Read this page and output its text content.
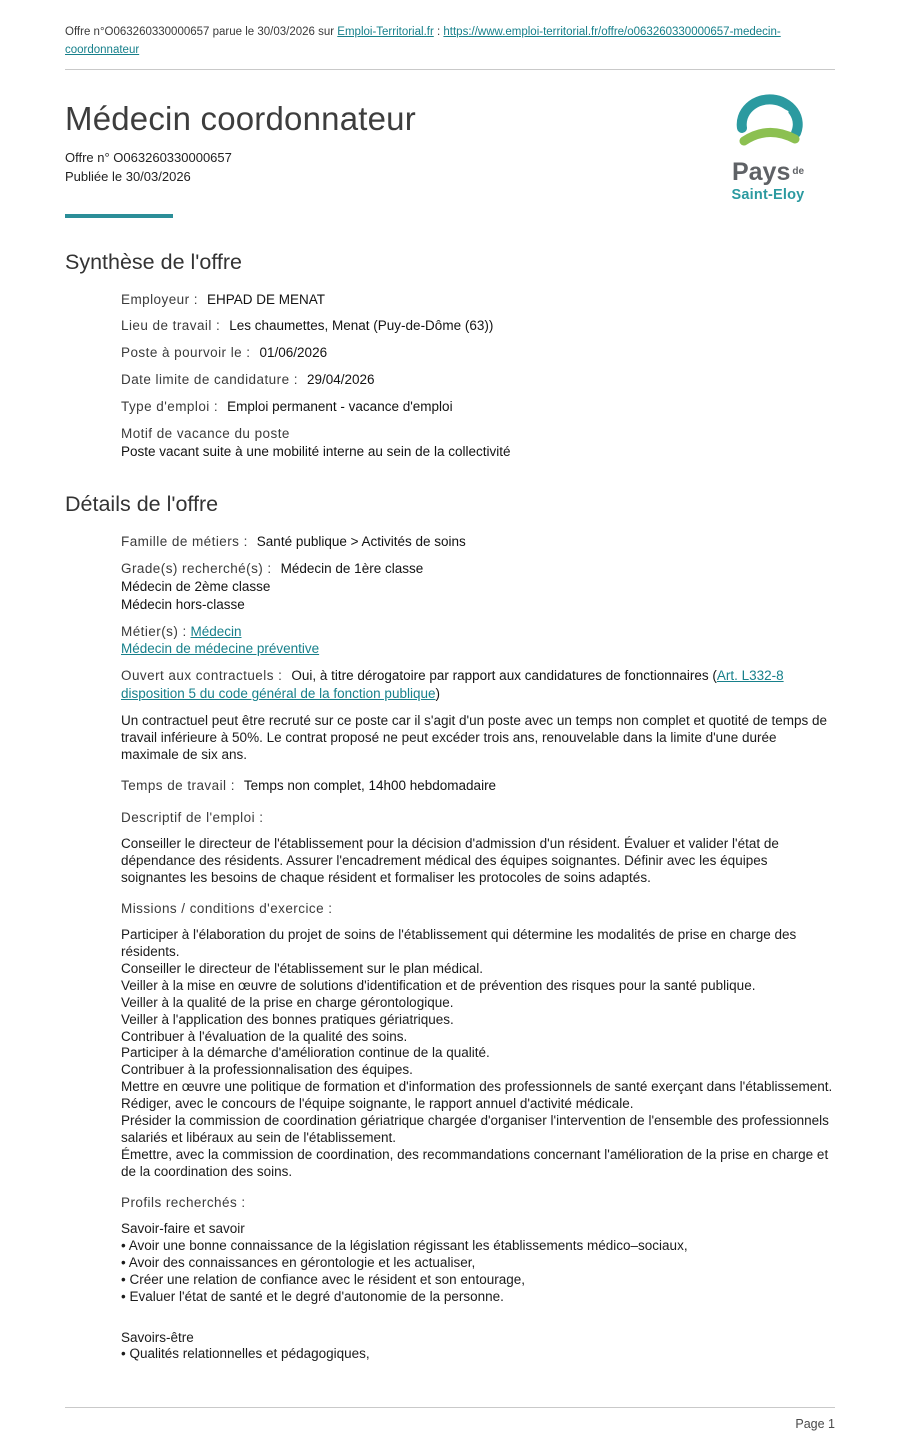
Offre n°O063260330000657 parue le 30/03/2026 sur Emploi-Territorial.fr : https://www.emploi-territorial.fr/offre/o063260330000657-medecin-coordonnateur
Pays $^{de}$
Saint-Eloy
Médecin coordonnateur
Offre n° O063260330000657
Publiée le 30/03/2026
Synthèse de l'offre

Employeur : EHPAD DE MENAT

Lieu de travail : Les chaumettes, Menat (Puy-de-Dôme (63))

Poste à pourvoir le : 01/06/2026

Date limite de candidature : 29/04/2026

Type d'emploi : Emploi permanent - vacance d'emploi

Motif de vacance du poste
Poste vacant suite à une mobilité interne au sein de la collectivité
Détails de l'offre

Famille de métiers : Santé publique > Activités de soins

Grade(s) recherché(s) : Médecin de 1ère classe
Médecin de 2ème classe
Médecin hors-classe
Métier(s) : Médecin
Médecin de médecine préventive

Ouvert aux contractuels : Oui, à titre dérogatoire par rapport aux candidatures de fonctionnaires (Art. L332-8 disposition 5 du code général de la fonction publique)

Un contractuel peut être recruté sur ce poste car il s'agit d'un poste avec un temps non complet et quotité de temps de travail inférieure à 50%. Le contrat proposé ne peut excéder trois ans, renouvelable dans la limite d'une durée maximale de six ans.

Temps de travail : Temps non complet, 14h00 hebdomadaire

Descriptif de l'emploi :

Conseiller le directeur de l'établissement pour la décision d'admission d'un résident. Évaluer et valider l'état de dépendance des résidents. Assurer l'encadrement médical des équipes soignantes. Définir avec les équipes soignantes les besoins de chaque résident et formaliser les protocoles de soins adaptés.

Missions / conditions d'exercice :

Participer à l'élaboration du projet de soins de l'établissement qui détermine les modalités de prise en charge des résidents.
Conseiller le directeur de l'établissement sur le plan médical.
Veiller à la mise en œuvre de solutions d'identification et de prévention des risques pour la santé publique.
Veiller à la qualité de la prise en charge gérontologique.
Veiller à l'application des bonnes pratiques gériatriques.
Contribuer à l'évaluation de la qualité des soins.
Participer à la démarche d'amélioration continue de la qualité.
Contribuer à la professionnalisation des équipes.
Mettre en œuvre une politique de formation et d'information des professionnels de santé exerçant dans l'établissement.
Rédiger, avec le concours de l'équipe soignante, le rapport annuel d'activité médicale.
Présider la commission de coordination gériatrique chargée d'organiser l'intervention de l'ensemble des professionnels salariés et libéraux au sein de l'établissement.
Émettre, avec la commission de coordination, des recommandations concernant l'amélioration de la prise en charge et de la coordination des soins.

Profils recherchés :

Savoir-faire et savoir
• Avoir une bonne connaissance de la législation régissant les établissements médico–sociaux,
• Avoir des connaissances en gérontologie et les actualiser,
• Créer une relation de confiance avec le résident et son entourage,
• Evaluer l'état de santé et le degré d'autonomie de la personne.
Savoirs-être
• Qualités relationnelles et pédagogiques,
Page 1
